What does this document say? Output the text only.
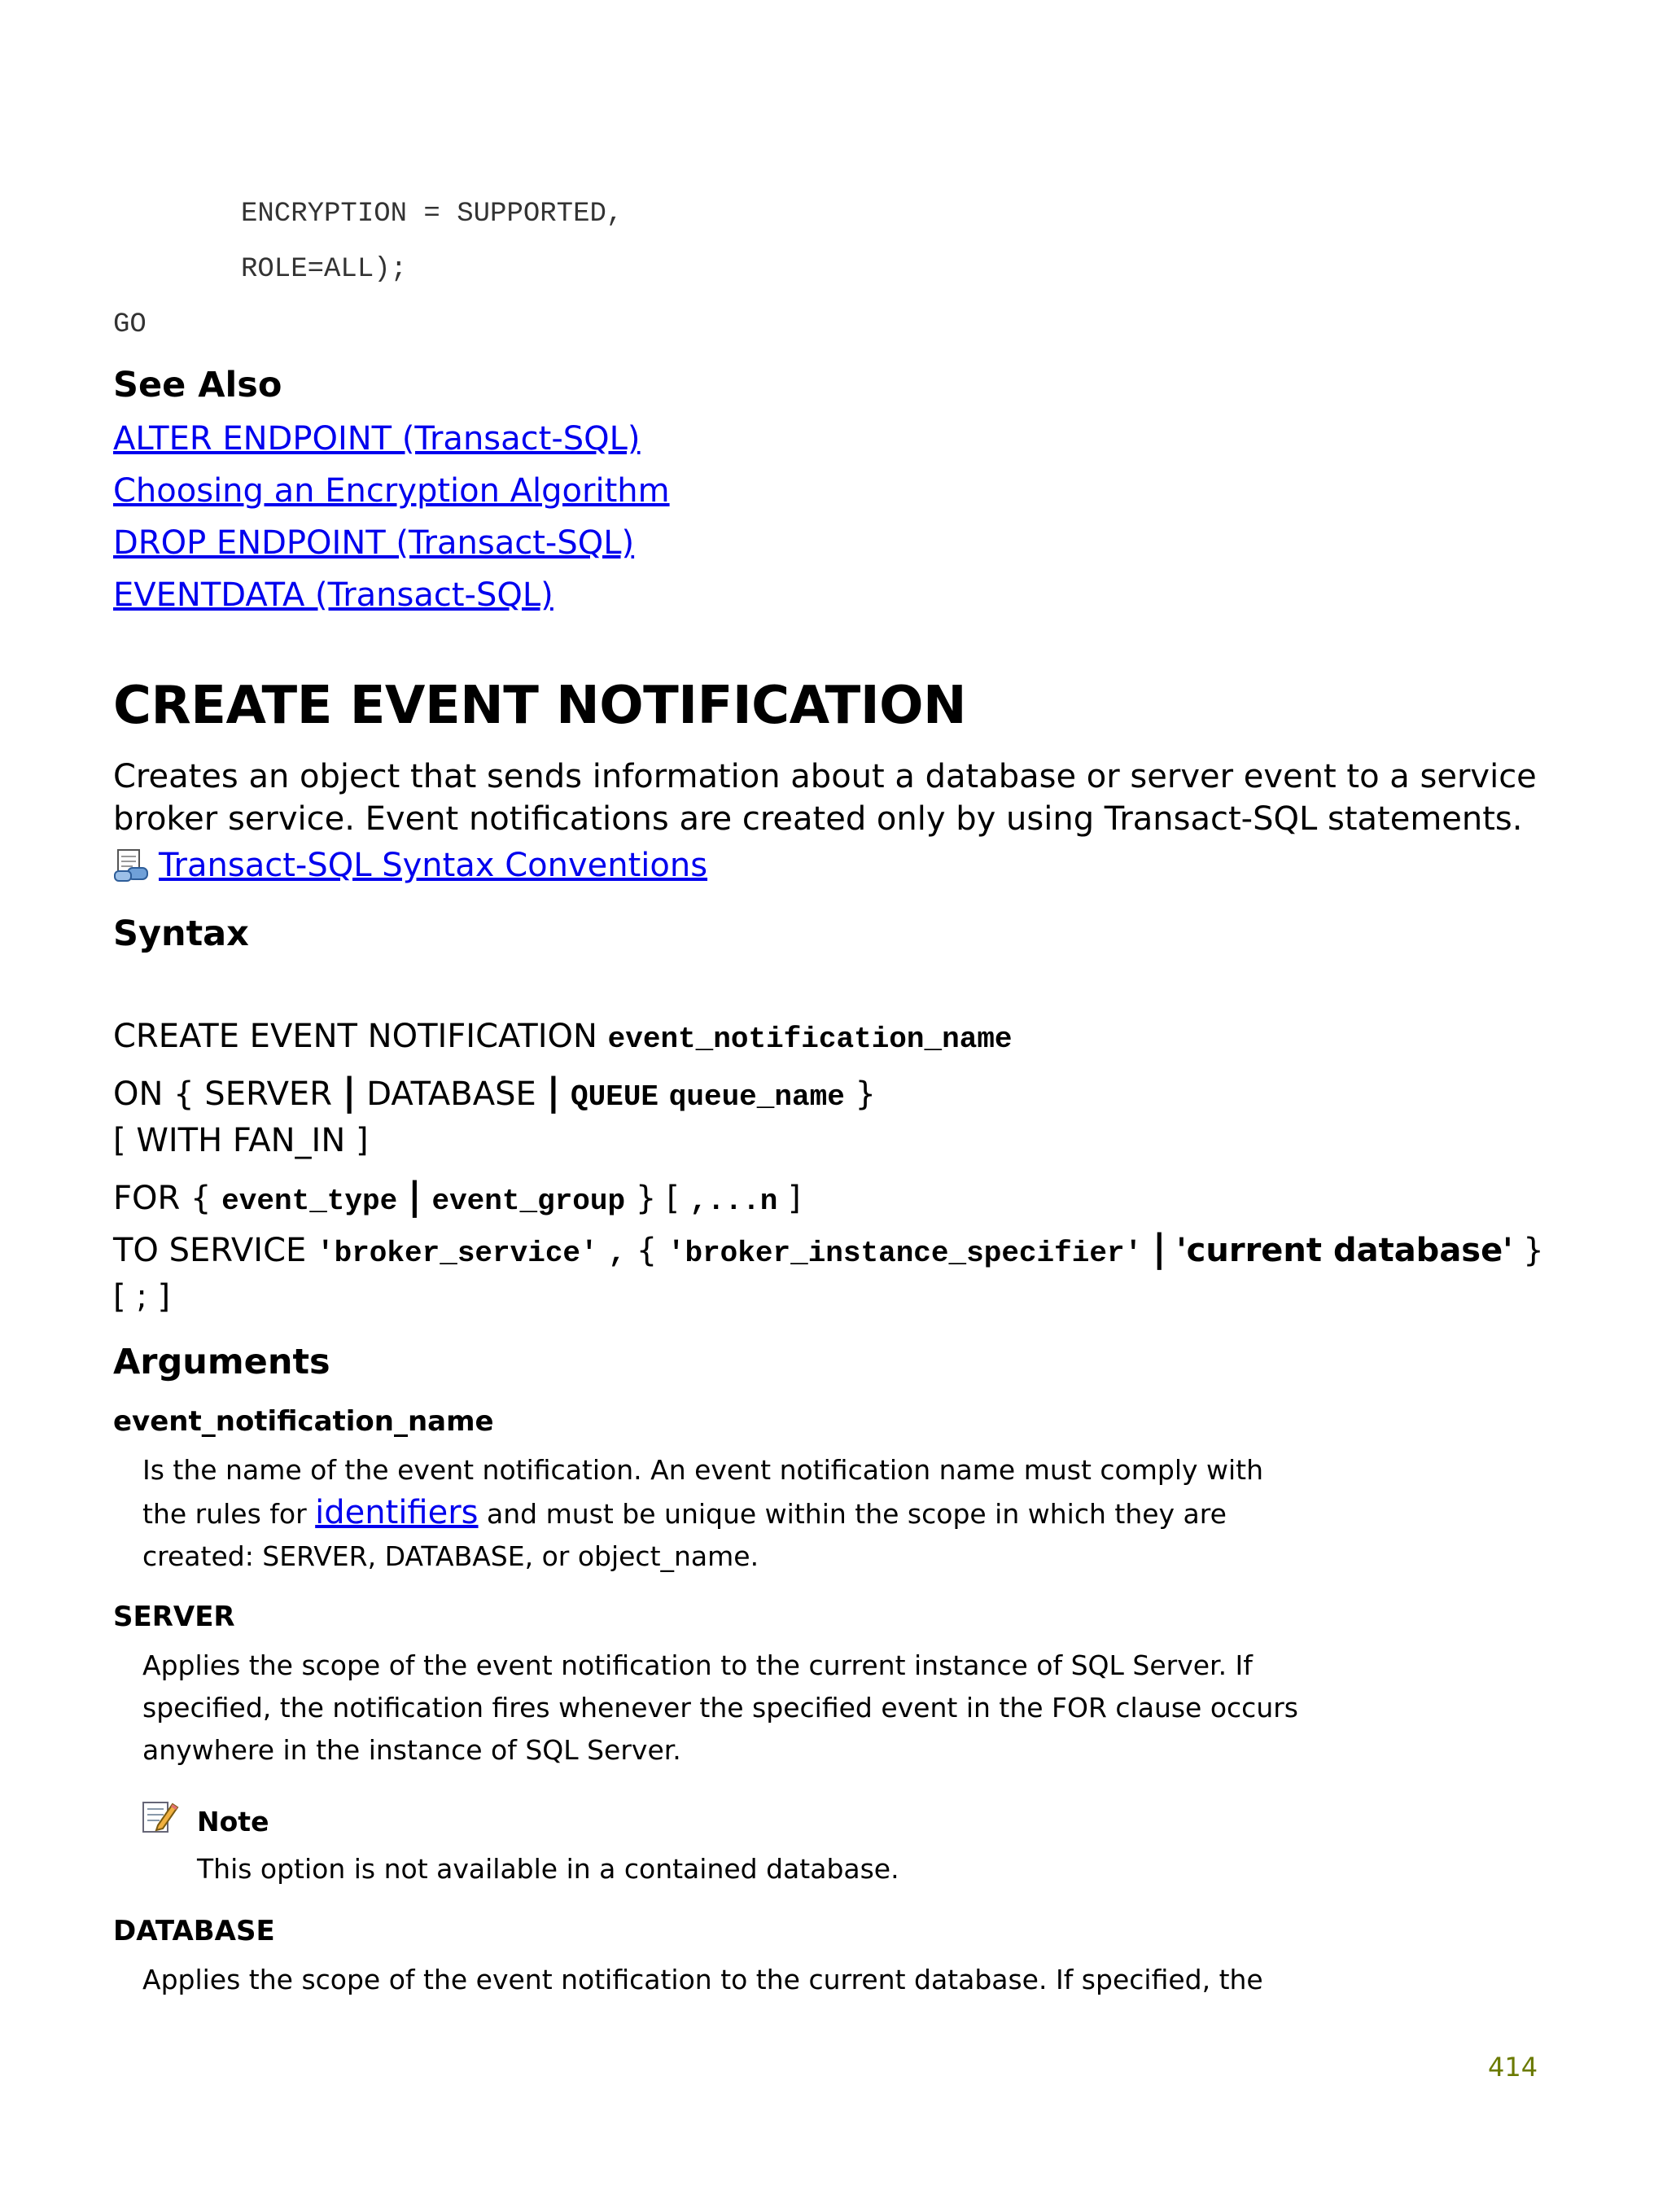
ENCRYPTION = SUPPORTED,
ROLE=ALL);
GO
See Also
ALTER ENDPOINT (Transact-SQL)
Choosing an Encryption Algorithm
DROP ENDPOINT (Transact-SQL)
EVENTDATA (Transact-SQL)
CREATE EVENT NOTIFICATION
Creates an object that sends information about a database or server event to a service broker service. Event notifications are created only by using Transact-SQL statements.
Transact-SQL Syntax Conventions
Syntax
CREATE EVENT NOTIFICATION event_notification_name
ON { SERVER | DATABASE | QUEUE queue_name }
[ WITH FAN_IN ]
FOR { event_type | event_group } [ ,...n ]
TO SERVICE 'broker_service' , { 'broker_instance_specifier' | 'current database' }
[ ; ]
Arguments
event_notification_name
Is the name of the event notification. An event notification name must comply with the rules for identifiers and must be unique within the scope in which they are created: SERVER, DATABASE, or object_name.
SERVER
Applies the scope of the event notification to the current instance of SQL Server. If specified, the notification fires whenever the specified event in the FOR clause occurs anywhere in the instance of SQL Server.
Note
This option is not available in a contained database.
DATABASE
Applies the scope of the event notification to the current database. If specified, the
414
